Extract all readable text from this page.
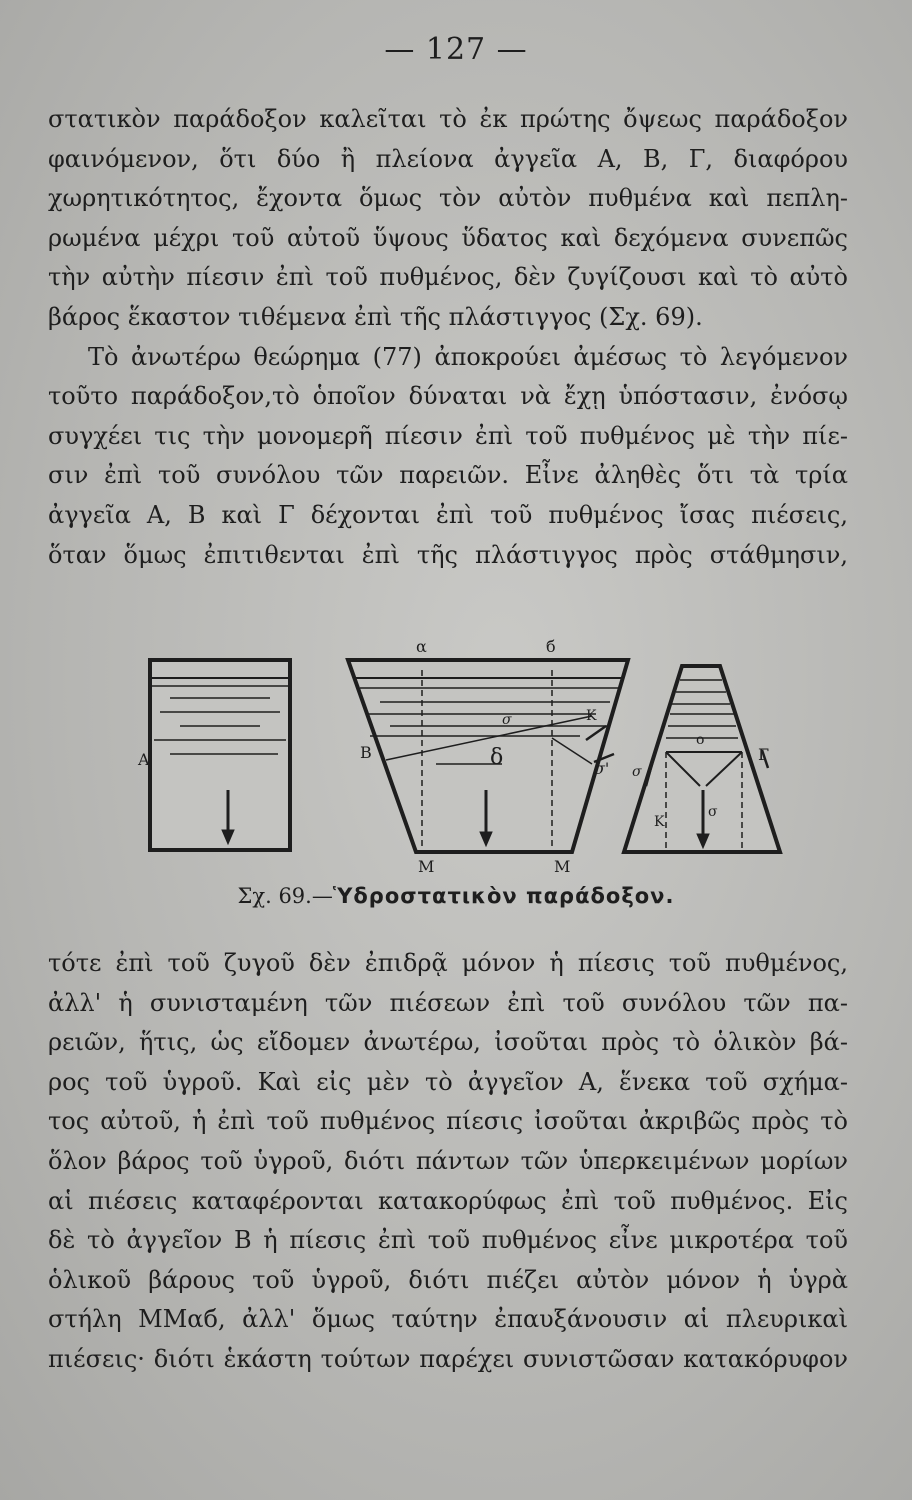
— 127 —
στατικὸν παράδοξον καλεῖται τὸ ἐκ πρώτης ὄψεως παράδοξον
φαινόμενον, ὅτι δύο ἢ πλείονα ἀγγεῖα Α, Β, Γ, διαφόρου
χωρητικότητος, ἔχοντα ὅμως τὸν αὐτὸν πυθμένα καὶ πεπλη-
ρωμένα μέχρι τοῦ αὐτοῦ ὕψους ὕδατος καὶ δεχόμενα συνεπῶς
τὴν αὐτὴν πίεσιν ἐπὶ τοῦ πυθμένος, δὲν ζυγίζουσι καὶ τὸ αὐτὸ
βάρος ἕκαστον τιθέμενα ἐπὶ τῆς πλάστιγγος (Σχ. 69).
Τὸ ἀνωτέρω θεώρημα (77) ἀποκρούει ἀμέσως τὸ λεγόμενον
τοῦτο παράδοξον,τὸ ὁποῖον δύναται νὰ ἔχῃ ὑπόστασιν, ἐνόσῳ
συγχέει τις τὴν μονομερῆ πίεσιν ἐπὶ τοῦ πυθμένος μὲ τὴν πίε-
σιν ἐπὶ τοῦ συνόλου τῶν παρειῶν. Εἶνε ἀληθὲς ὅτι τὰ τρία
ἀγγεῖα Α, Β καὶ Γ δέχονται ἐπὶ τοῦ πυθμένος ἴσας πιέσεις,
ὅταν ὅμως ἐπιτιθενται ἐπὶ τῆς πλάστιγγος πρὸς στάθμησιν,
Α
α	б
Β
σ
δ
Κ
σ'
Μ	Μ
ο
Κ
σ
σ
Γ
Σχ. 69.—Ὑδροστατικὸν παράδοξον.
τότε ἐπὶ τοῦ ζυγοῦ δὲν ἐπιδρᾷ μόνον ἡ πίεσις τοῦ πυθμένος,
ἀλλ' ἡ συνισταμένη τῶν πιέσεων ἐπὶ τοῦ συνόλου τῶν πα-
ρειῶν, ἥτις, ὡς εἴδομεν ἀνωτέρω, ἰσοῦται πρὸς τὸ ὁλικὸν βά-
ρος τοῦ ὑγροῦ. Καὶ εἰς μὲν τὸ ἀγγεῖον Α, ἕνεκα τοῦ σχήμα-
τος αὐτοῦ, ἡ ἐπὶ τοῦ πυθμένος πίεσις ἰσοῦται ἀκριβῶς πρὸς τὸ
ὅλον βάρος τοῦ ὑγροῦ, διότι πάντων τῶν ὑπερκειμένων μορίων
αἱ πιέσεις καταφέρονται κατακορύφως ἐπὶ τοῦ πυθμένος. Εἰς
δὲ τὸ ἀγγεῖον Β ἡ πίεσις ἐπὶ τοῦ πυθμένος εἶνε μικροτέρα τοῦ
ὁλικοῦ βάρους τοῦ ὑγροῦ, διότι πιέζει αὐτὸν μόνον ἡ ὑγρὰ
στήλη ΜΜαб, ἀλλ' ὅμως ταύτην ἐπαυξάνουσιν αἱ πλευρικαὶ
πιέσεις· διότι ἑκάστη τούτων παρέχει συνιστῶσαν κατακόρυφον
